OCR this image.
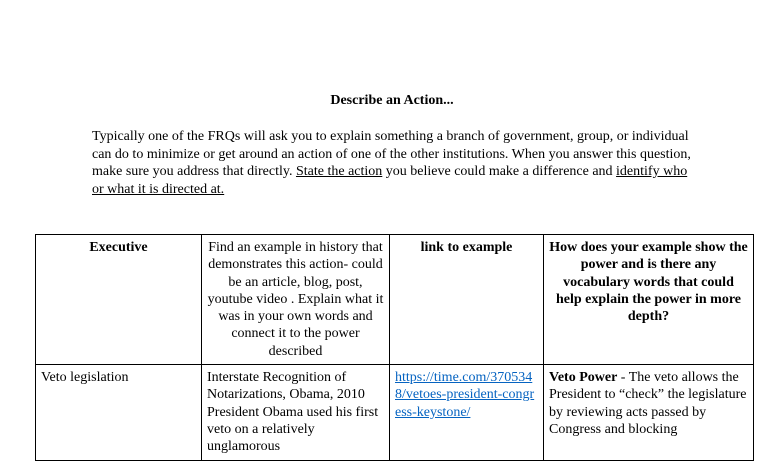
Describe an Action...
Typically one of the FRQs will ask you to explain something a branch of government, group, or individual can do to minimize or get around an action of one of the other institutions. When you answer this question, make sure you address that directly. State the action you believe could make a difference and identify who or what it is directed at.
Executive	Find an example in history that demonstrates this action- could be an article, blog, post, youtube video . Explain what it was in your own words and connect it to the power described	link to example	How does your example show the power and is there any vocabulary words that could help explain the power in more depth?
Veto legislation	Interstate Recognition of Notarizations, Obama, 2010 President Obama used his first veto on a relatively unglamorous	https://time.com/3705348/vetoes-president-congress-keystone/	Veto Power - The veto allows the President to “check” the legislature by reviewing acts passed by Congress and blocking
